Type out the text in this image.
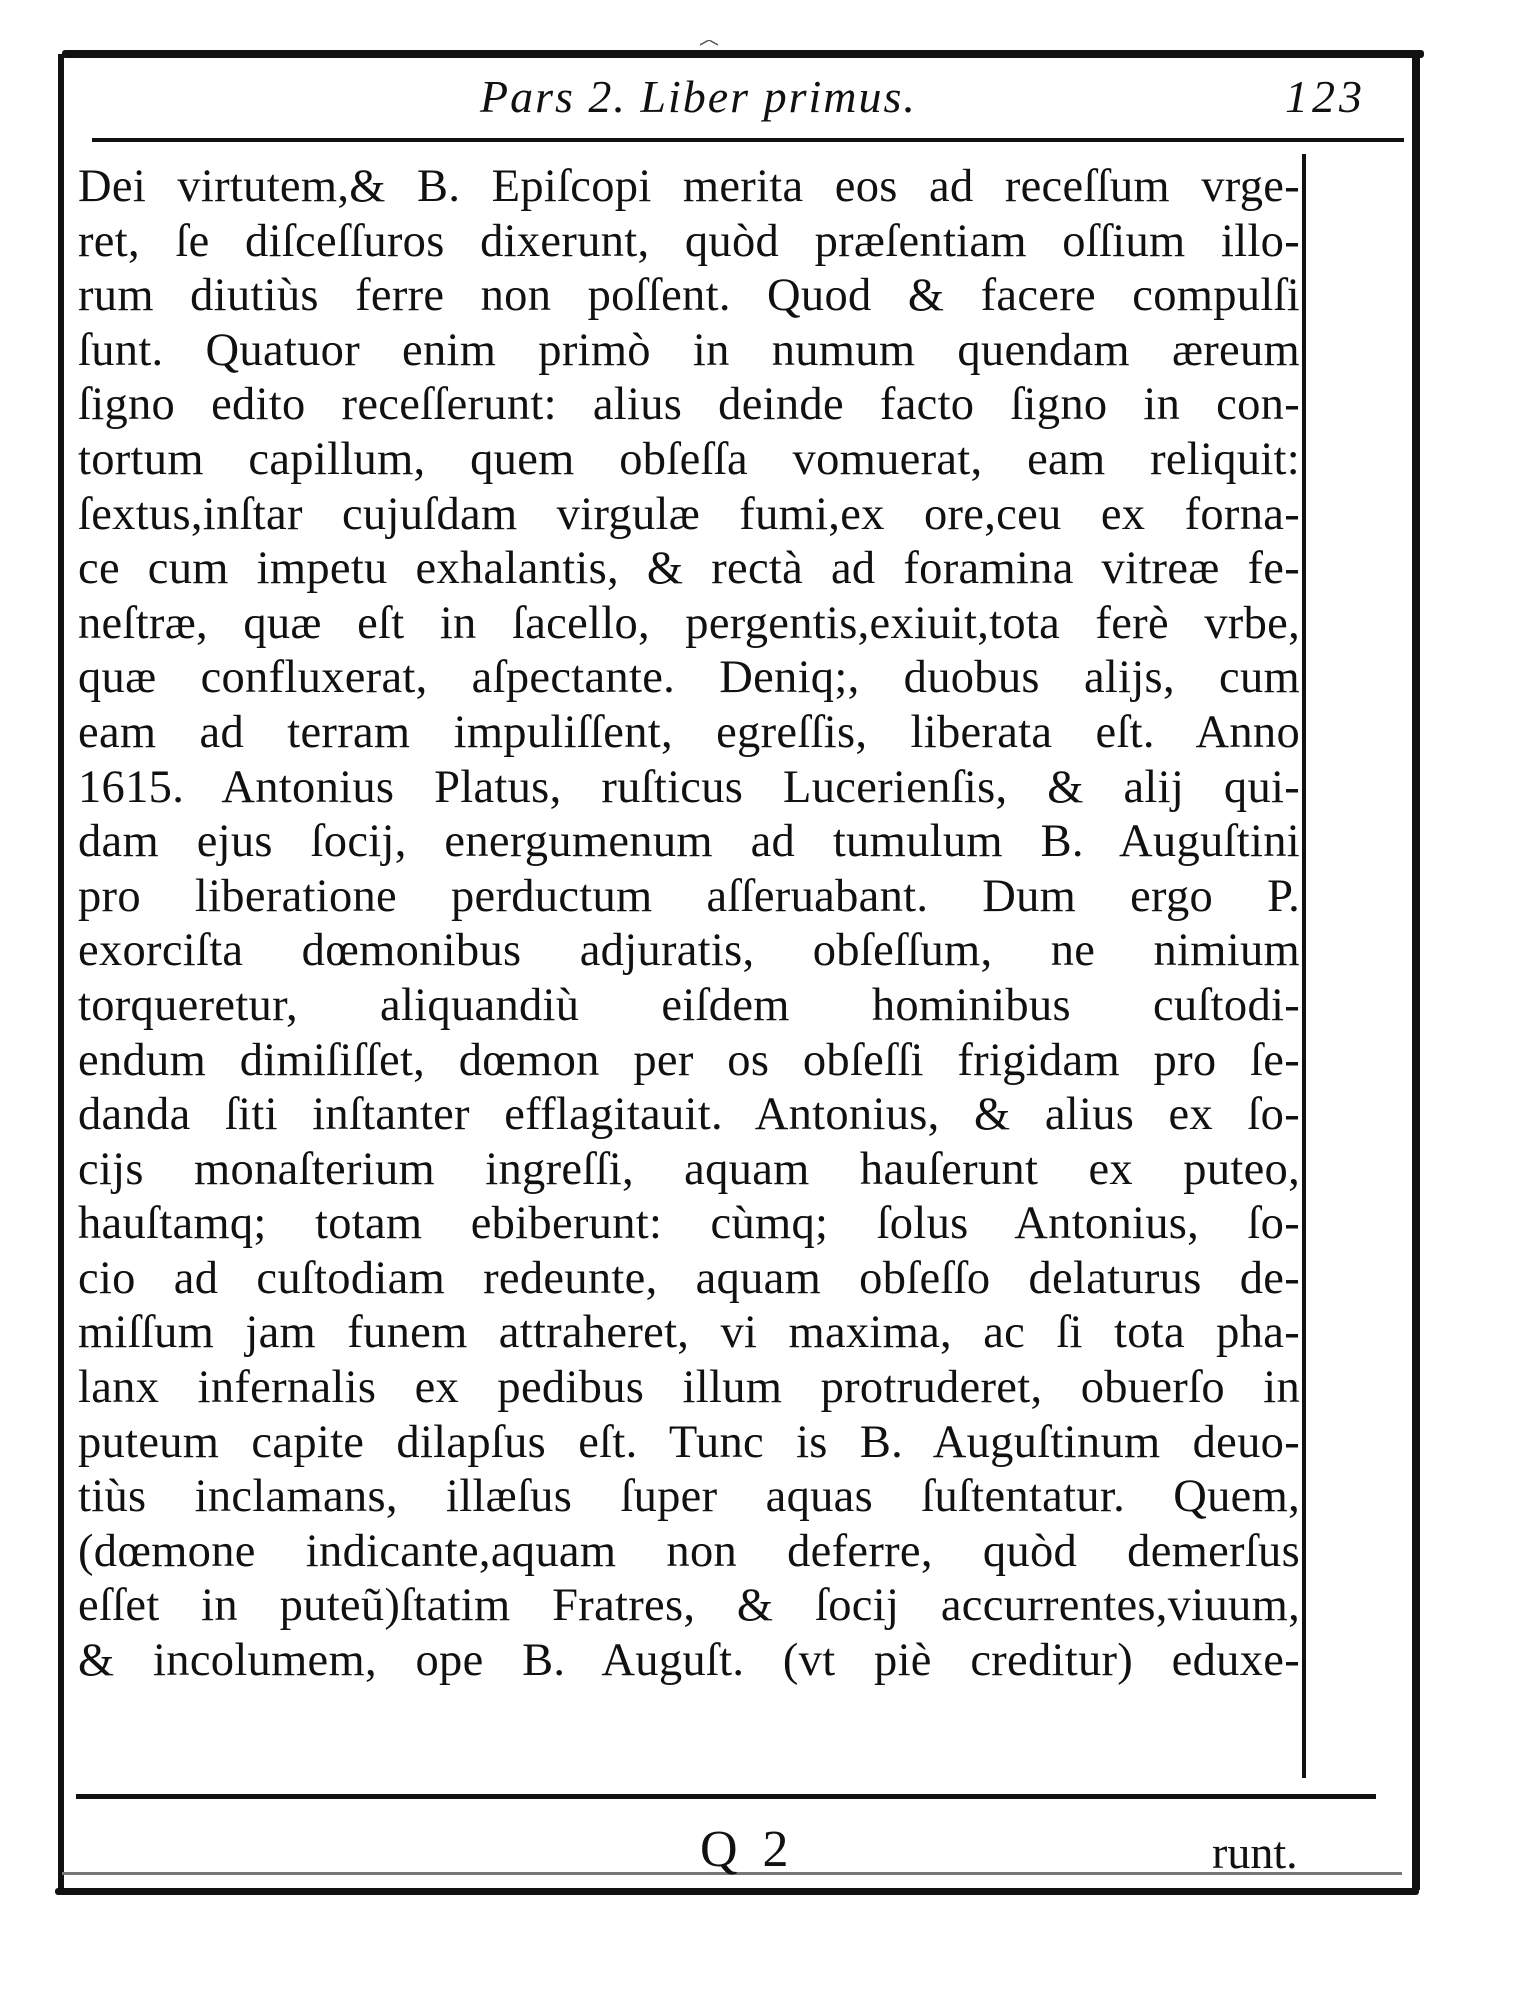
Pars 2. Liber primus.	123
Dei virtutem,& B. Epiſcopi merita eos ad receſſum vrge-
ret, ſe diſceſſuros dixerunt, quòd præſentiam oſſium illo-
rum diutiùs ferre non poſſent. Quod & facere compulſi
ſunt. Quatuor enim primò in numum quendam æreum
ſigno edito receſſerunt: alius deinde facto ſigno in con-
tortum capillum, quem obſeſſa vomuerat, eam reliquit:
ſextus,inſtar cujuſdam virgulæ fumi,ex ore,ceu ex forna-
ce cum impetu exhalantis, & rectà ad foramina vitreæ fe-
neſtræ, quæ eſt in ſacello, pergentis,exiuit,tota ferè vrbe,
quæ confluxerat, aſpectante. Deniq;, duobus alijs, cum
eam ad terram impuliſſent, egreſſis, liberata eſt. Anno
1615. Antonius Platus, ruſticus Lucerienſis, & alij qui-
dam ejus ſocij, energumenum ad tumulum B. Auguſtini
pro liberatione perductum aſſeruabant. Dum ergo P.
exorciſta dœmonibus adjuratis, obſeſſum, ne nimium
torqueretur, aliquandiù eiſdem hominibus cuſtodi-
endum dimiſiſſet, dœmon per os obſeſſi frigidam pro ſe-
danda ſiti inſtanter efflagitauit. Antonius, & alius ex ſo-
cijs monaſterium ingreſſi, aquam hauſerunt ex puteo,
hauſtamq; totam ebiberunt: cùmq; ſolus Antonius, ſo-
cio ad cuſtodiam redeunte, aquam obſeſſo delaturus de-
miſſum jam funem attraheret, vi maxima, ac ſi tota pha-
lanx infernalis ex pedibus illum protruderet, obuerſo in
puteum capite dilapſus eſt. Tunc is B. Auguſtinum deuo-
tiùs inclamans, illæſus ſuper aquas ſuſtentatur. Quem,
(dœmone indicante,aquam non deferre, quòd demerſus
eſſet in puteũ)ſtatim Fratres, & ſocij accurrentes,viuum,
& incolumem, ope B. Auguſt. (vt piè creditur) eduxe-
Q 2	runt.
